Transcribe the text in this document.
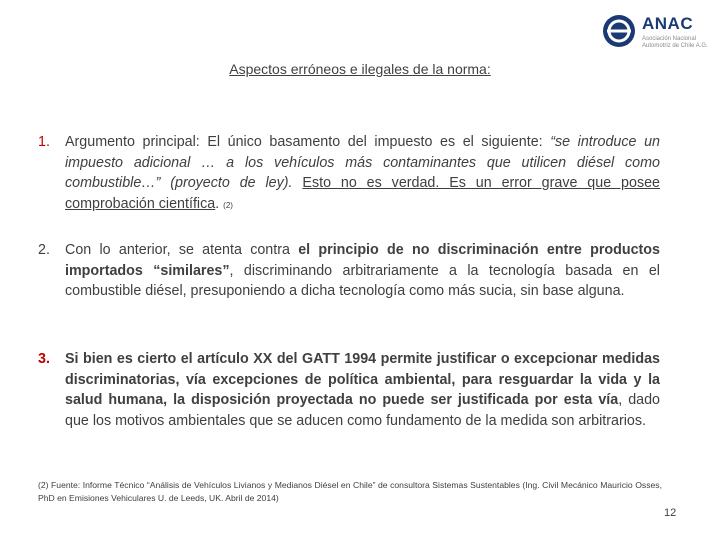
ANAC
Asociación Nacional Automotriz de Chile A.G.
Aspectos erróneos e ilegales de la norma:
1. Argumento principal: El único basamento del impuesto es el siguiente: “se introduce un impuesto adicional … a los vehículos más contaminantes que utilicen diésel como combustible…” (proyecto de ley). Esto no es verdad. Es un error grave que posee comprobación científica. (2)

2. Con lo anterior, se atenta contra el principio de no discriminación entre productos importados “similares”, discriminando arbitrariamente a la tecnología basada en el combustible diésel, presuponiendo a dicha tecnología como más sucia, sin base alguna.

3. Si bien es cierto el artículo XX del GATT 1994 permite justificar o excepcionar medidas discriminatorias, vía excepciones de política ambiental, para resguardar la vida y la salud humana, la disposición proyectada no puede ser justificada por esta vía, dado que los motivos ambientales que se aducen como fundamento de la medida son arbitrarios.

(2) Fuente: Informe Técnico “Análisis de Vehículos Livianos y Medianos Diésel en Chile” de consultora Sistemas Sustentables (Ing. Civil Mecánico Mauricio Osses, PhD en Emisiones Vehiculares U. de Leeds, UK. Abril de 2014)
12
